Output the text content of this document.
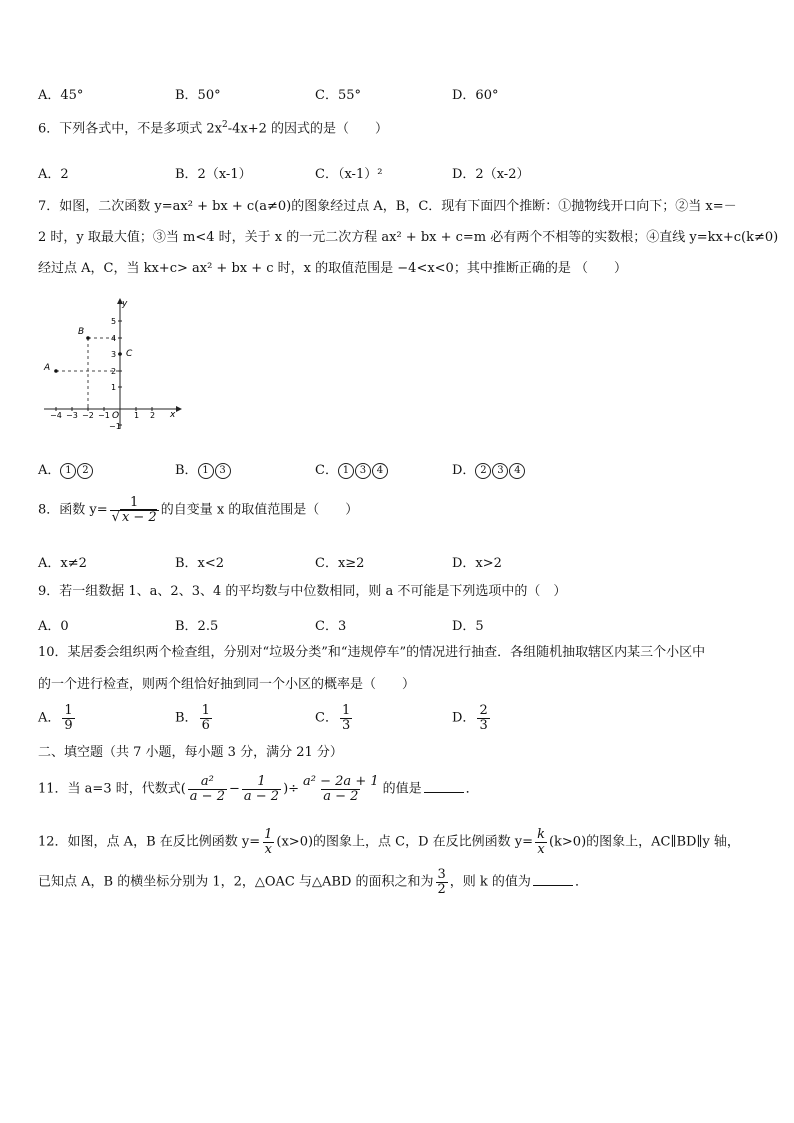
A．45°	B．50°	C．55°	D．60°
6．下列各式中，不是多项式 $2x^2-4x+2$ 的因式的是（　　）
A．2	B．2（x-1）	C．（x-1）²	D．2（x-2）
7．如图，二次函数 y=ax² + bx + c(a≠0)的图象经过点 A，B，C．现有下面四个推断：①抛物线开口向下；②当 x=－
2 时，y 取最大值；③当 m<4 时，关于 x 的一元二次方程 ax² + bx + c=m 必有两个不相等的实数根；④直线 y=kx+c(k≠0)
经过点 A，C，当 kx+c> ax² + bx + c 时，x 的取值范围是 −4<x<0；其中推断正确的是 （　　）
y
x
O
A
B
C
5
4
3
2
1
−1
−4 −3 −2 −1	1 2
A． 1 2	B． 1 3	C． 1 3 4	D． 2 3 4
8．函数 $y= \frac{1}{√ x - 2}$ 的自变量 x 的取值范围是（　　）
A．x≠2	B．x<2	C．x≥2	D．x>2
9．若一组数据 1、a、2、3、4 的平均数与中位数相同，则 a 不可能是下列选项中的（　）
A．0	B．2.5	C．3	D．5
10．某居委会组织两个检查组，分别对“垃圾分类”和“违规停车”的情况进行抽查．各组随机抽取辖区内某三个小区中
的一个进行检查，则两个组恰好抽到同一个小区的概率是（　　）
A． $\frac{1}{9}$	B． $\frac{1}{6}$	C． $\frac{1}{3}$	D． $\frac{2}{3}$
二、填空题（共 7 小题，每小题 3 分，满分 21 分）
11．当 a=3 时，代数式( $\frac{\text{a²}}{a - 2} - \frac{1}{a - 2}$ )÷ $\frac{\text{a² − 2a + 1}}{a - 2}$ 的值是	．
12．如图，点 A，B 在反比例函数 $y= \frac{1}{x} (x>0)$的图象上，点 C，D 在反比例函数 $y= \frac{k}{x} (k>0)$的图象上，AC∥BD∥y 轴，
已知点 A，B 的横坐标分别为 1，2，△OAC 与△ABD 的面积之和为 $\frac{3}{2}$ ，则 k 的值为	．
